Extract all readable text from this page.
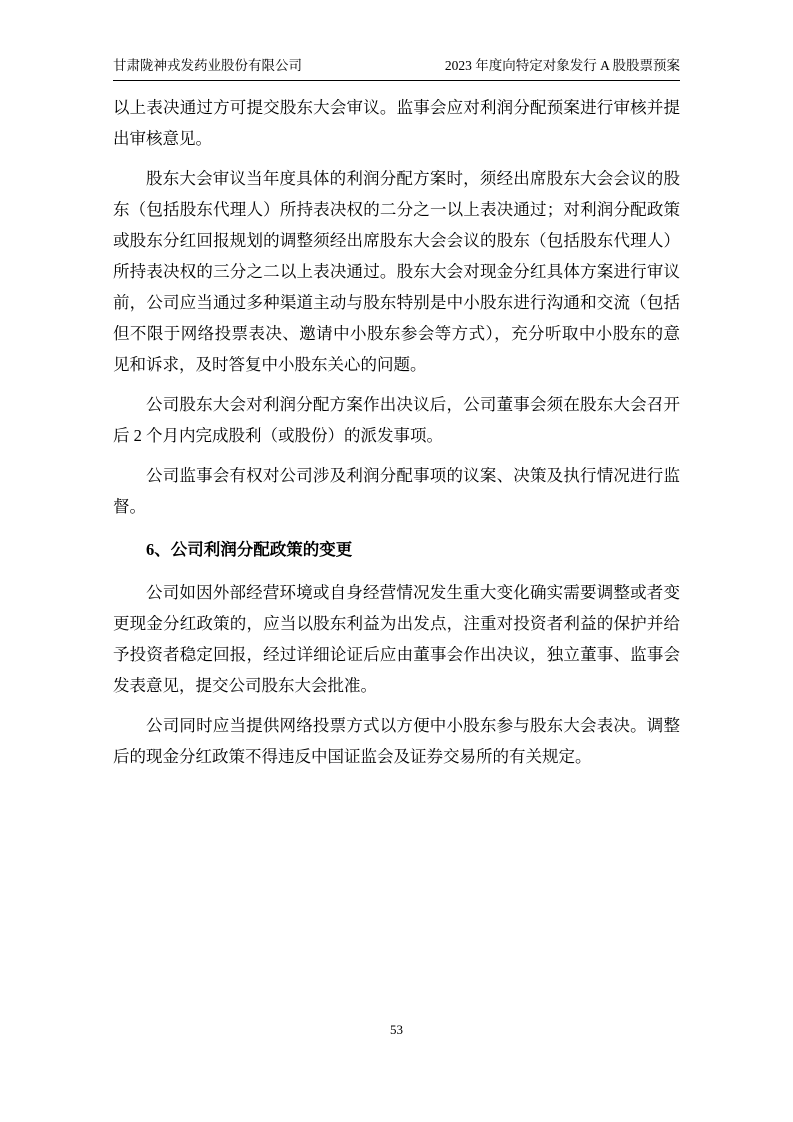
甘肃陇神戎发药业股份有限公司	2023 年度向特定对象发行 A 股股票预案

以上表决通过方可提交股东大会审议。监事会应对利润分配预案进行审核并提出审核意见。

股东大会审议当年度具体的利润分配方案时，须经出席股东大会会议的股东（包括股东代理人）所持表决权的二分之一以上表决通过；对利润分配政策或股东分红回报规划的调整须经出席股东大会会议的股东（包括股东代理人）所持表决权的三分之二以上表决通过。股东大会对现金分红具体方案进行审议前，公司应当通过多种渠道主动与股东特别是中小股东进行沟通和交流（包括但不限于网络投票表决、邀请中小股东参会等方式），充分听取中小股东的意见和诉求，及时答复中小股东关心的问题。

公司股东大会对利润分配方案作出决议后，公司董事会须在股东大会召开后 2 个月内完成股利（或股份）的派发事项。

公司监事会有权对公司涉及利润分配事项的议案、决策及执行情况进行监督。

6、公司利润分配政策的变更

公司如因外部经营环境或自身经营情况发生重大变化确实需要调整或者变更现金分红政策的，应当以股东利益为出发点，注重对投资者利益的保护并给予投资者稳定回报，经过详细论证后应由董事会作出决议，独立董事、监事会发表意见，提交公司股东大会批准。

公司同时应当提供网络投票方式以方便中小股东参与股东大会表决。调整后的现金分红政策不得违反中国证监会及证券交易所的有关规定。

53
